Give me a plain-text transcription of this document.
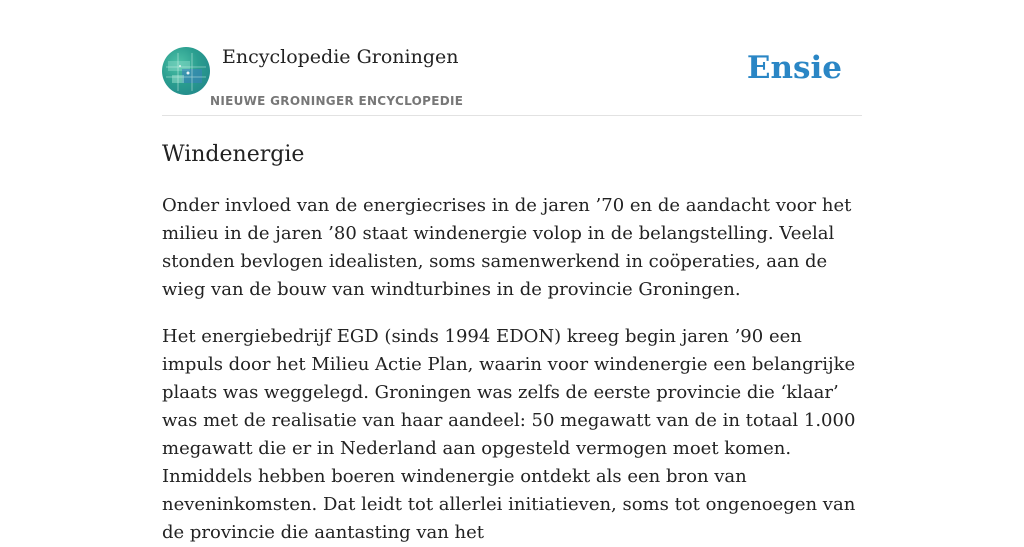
Encyclopedie Groningen
NIEUWE GRONINGER ENCYCLOPEDIE
Ensie
Windenergie

Onder invloed van de energiecrises in de jaren ’70 en de aandacht voor het milieu in de jaren ’80 staat windenergie volop in de belangstelling. Veelal stonden bevlogen idealisten, soms samenwerkend in coöperaties, aan de wieg van de bouw van windturbines in de provincie Groningen.

Het energiebedrijf EGD (sinds 1994 EDON) kreeg begin jaren ’90 een impuls door het Milieu Actie Plan, waarin voor windenergie een belangrijke plaats was weggelegd. Groningen was zelfs de eerste provincie die ‘klaar’ was met de realisatie van haar aandeel: 50 megawatt van de in totaal 1.000 megawatt die er in Nederland aan opgesteld vermogen moet komen. Inmiddels hebben boeren windenergie ontdekt als een bron van neveninkomsten. Dat leidt tot allerlei initiatieven, soms tot ongenoegen van de provincie die aantasting van het
